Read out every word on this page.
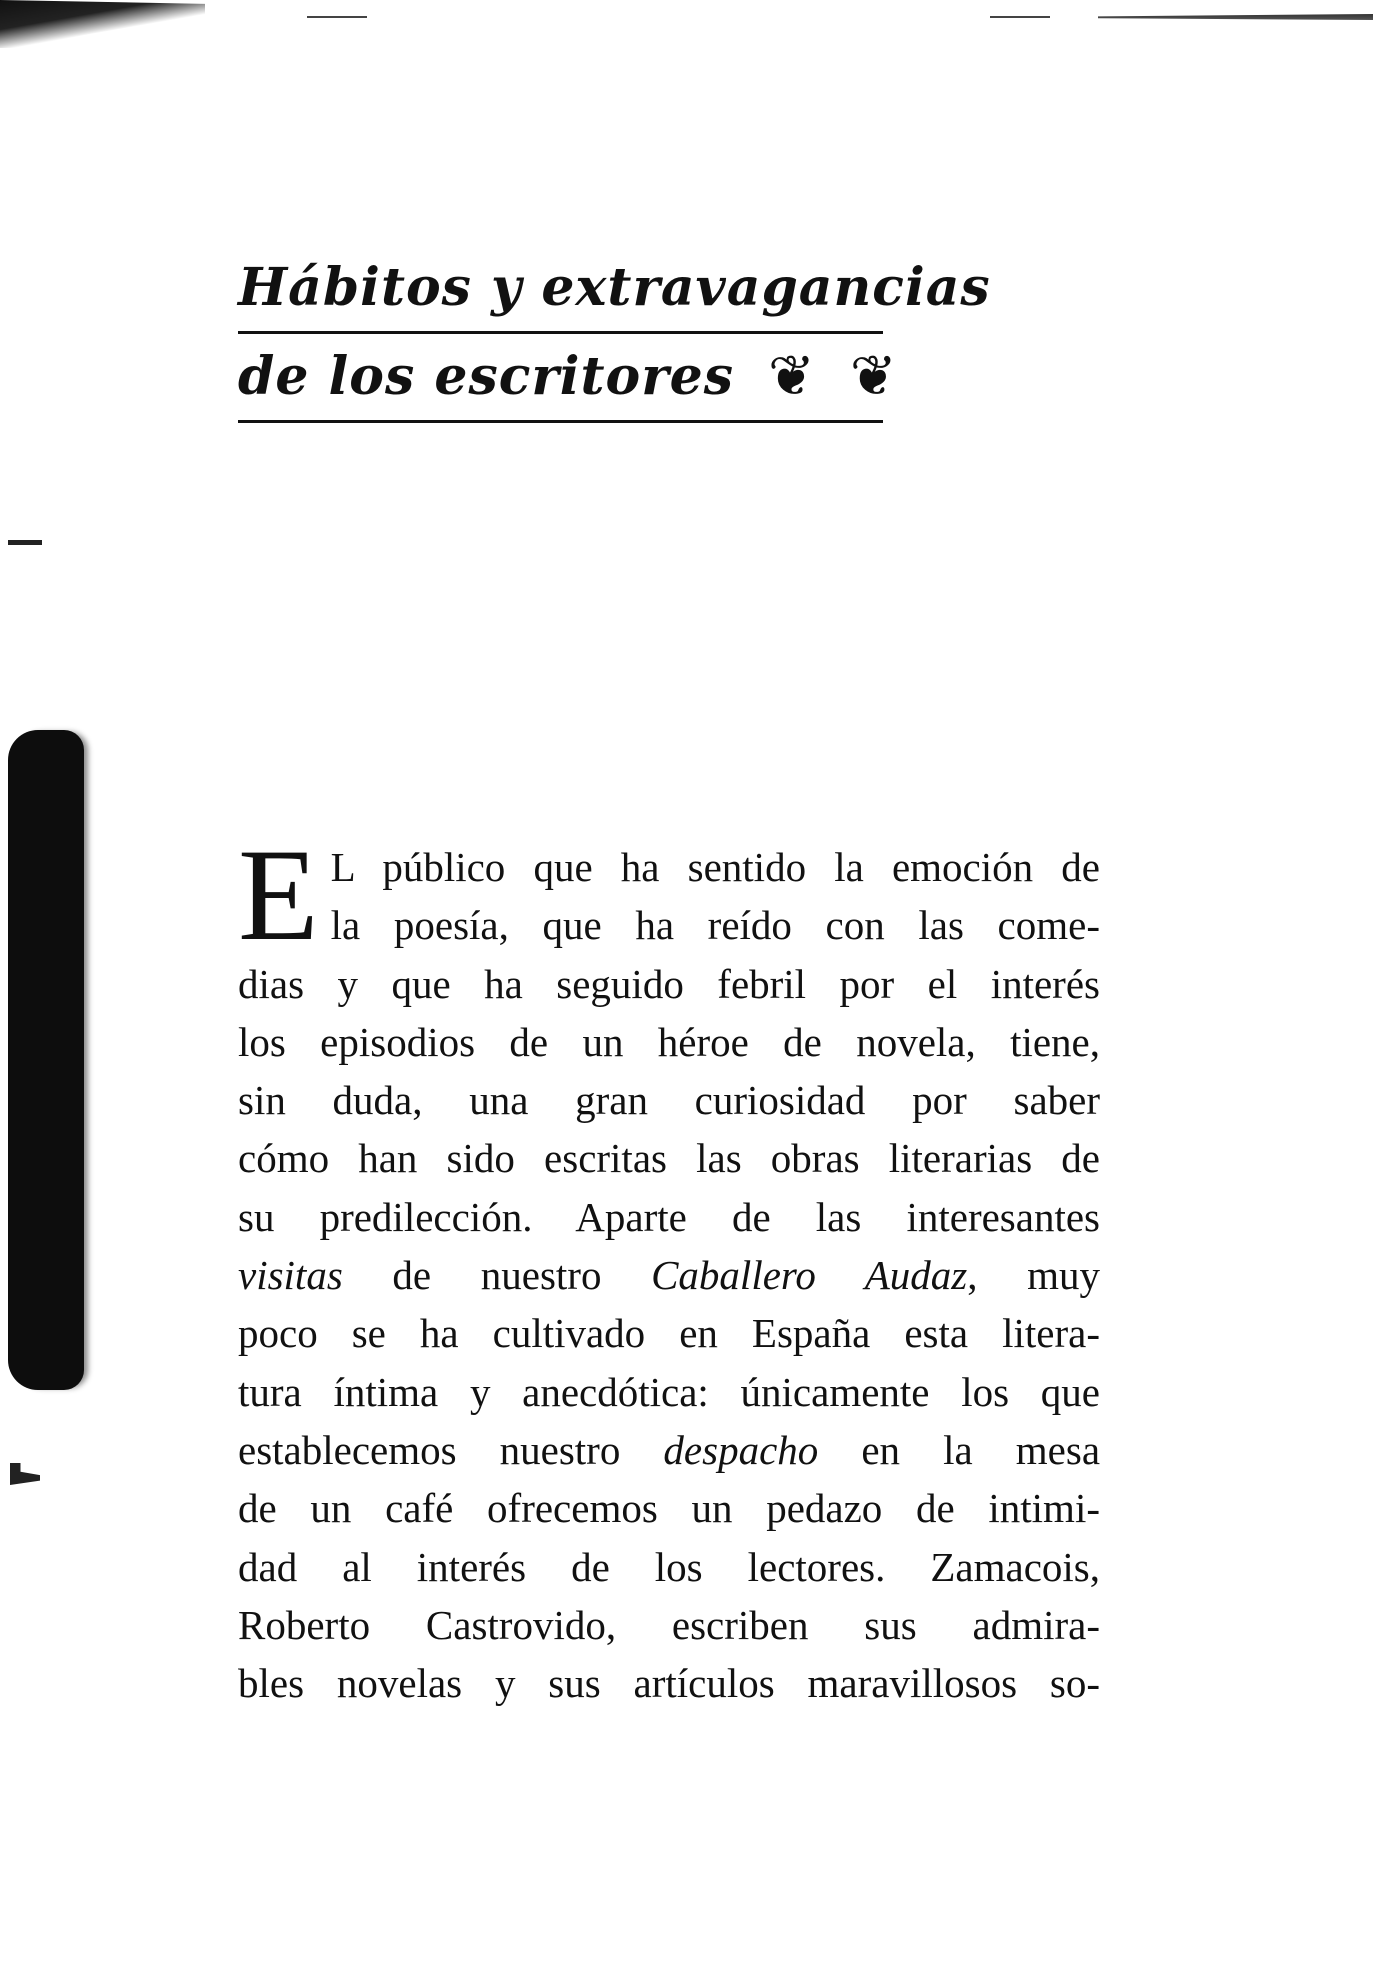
Hábitos y extravagancias
de los escritores ❦ ❦
E L público que ha sentido la emoción de
la poesía, que ha reído con las come-
dias y que ha seguido febril por el interés
los episodios de un héroe de novela, tiene,
sin duda, una gran curiosidad por saber
cómo han sido escritas las obras literarias de
su predilección. Aparte de las interesantes
visitas de nuestro Caballero Audaz, muy
poco se ha cultivado en España esta litera-
tura íntima y anecdótica: únicamente los que
establecemos nuestro despacho en la mesa
de un café ofrecemos un pedazo de intimi-
dad al interés de los lectores. Zamacois,
Roberto Castrovido, escriben sus admira-
bles novelas y sus artículos maravillosos so-
